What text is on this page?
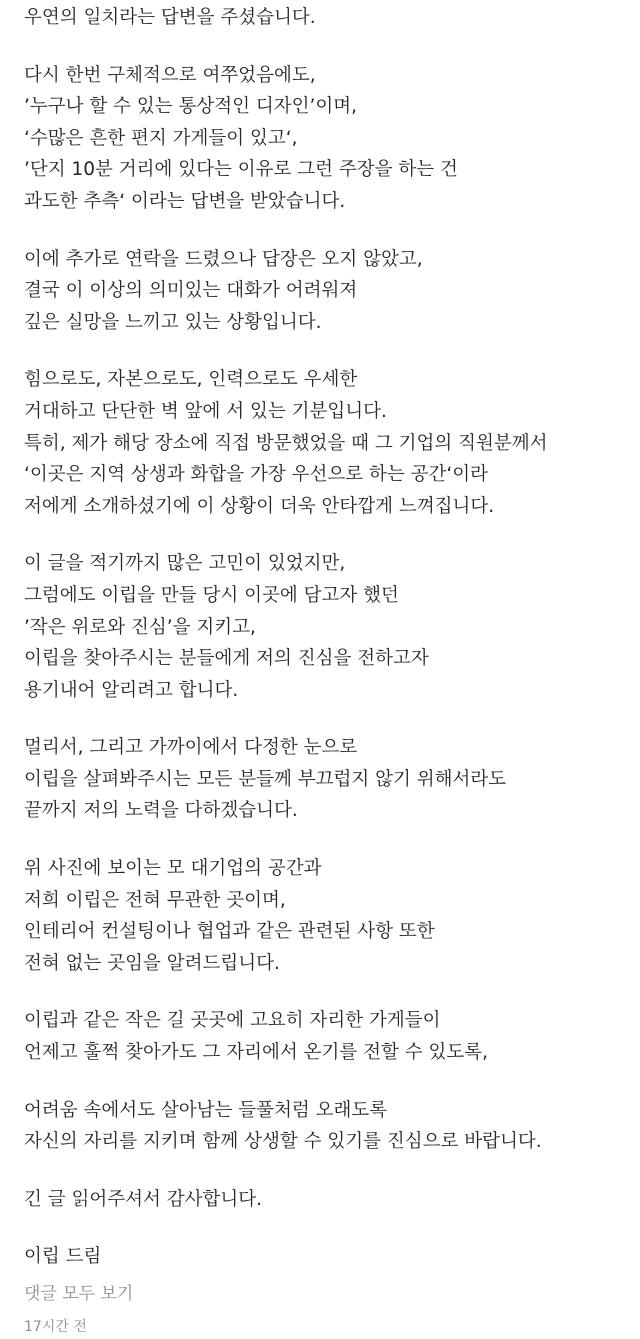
우연의 일치라는 답변을 주셨습니다.
다시 한번 구체적으로 여쭈었음에도,
’누구나 할 수 있는 통상적인 디자인’이며,
‘수많은 흔한 편지 가게들이 있고‘,
’단지 10분 거리에 있다는 이유로 그런 주장을 하는 건
과도한 추측‘ 이라는 답변을 받았습니다.
이에 추가로 연락을 드렸으나 답장은 오지 않았고,
결국 이 이상의 의미있는 대화가 어려워져
깊은 실망을 느끼고 있는 상황입니다.
힘으로도, 자본으로도, 인력으로도 우세한
거대하고 단단한 벽 앞에 서 있는 기분입니다.
특히, 제가 해당 장소에 직접 방문했었을 때 그 기업의 직원분께서
‘이곳은 지역 상생과 화합을 가장 우선으로 하는 공간‘이라
저에게 소개하셨기에 이 상황이 더욱 안타깝게 느껴집니다.
이 글을 적기까지 많은 고민이 있었지만,
그럼에도 이립을 만들 당시 이곳에 담고자 했던
’작은 위로와 진심’을 지키고,
이립을 찾아주시는 분들에게 저의 진심을 전하고자
용기내어 알리려고 합니다.
멀리서, 그리고 가까이에서 다정한 눈으로
이립을 살펴봐주시는 모든 분들께 부끄럽지 않기 위해서라도
끝까지 저의 노력을 다하겠습니다.
위 사진에 보이는 모 대기업의 공간과
저희 이립은 전혀 무관한 곳이며,
인테리어 컨설팅이나 협업과 같은 관련된 사항 또한
전혀 없는 곳임을 알려드립니다.
이립과 같은 작은 길 곳곳에 고요히 자리한 가게들이
언제고 훌쩍 찾아가도 그 자리에서 온기를 전할 수 있도록,
어려움 속에서도 살아남는 들풀처럼 오래도록
자신의 자리를 지키며 함께 상생할 수 있기를 진심으로 바랍니다.
긴 글 읽어주셔서 감사합니다.
이립 드림
댓글 모두 보기
17시간 전
